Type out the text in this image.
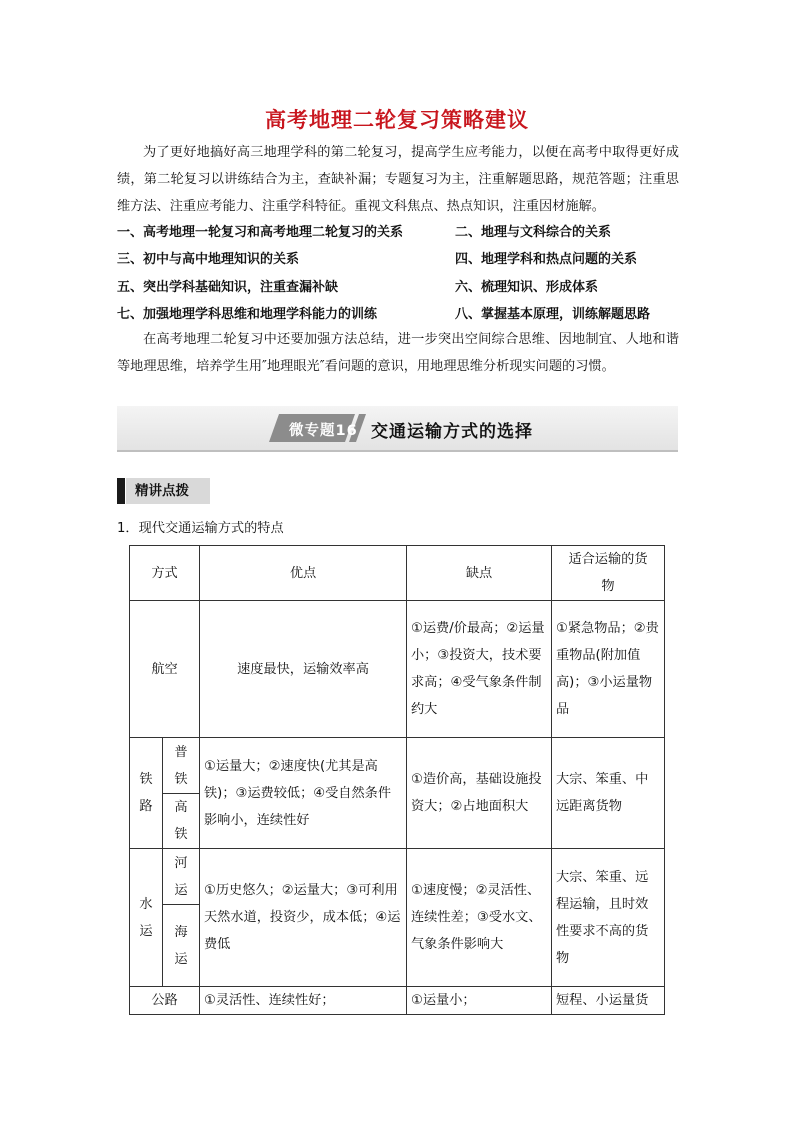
高考地理二轮复习策略建议
为了更好地搞好高三地理学科的第二轮复习，提高学生应考能力，以便在高考中取得更好成绩，第二轮复习以讲练结合为主，查缺补漏；专题复习为主，注重解题思路，规范答题；注重思维方法、注重应考能力、注重学科特征。重视文科焦点、热点知识，注重因材施解。
一、高考地理一轮复习和高考地理二轮复习的关系	二、地理与文科综合的关系
三、初中与高中地理知识的关系	四、地理学科和热点问题的关系
五、突出学科基础知识，注重查漏补缺	六、梳理知识、形成体系
七、加强地理学科思维和地理学科能力的训练	八、掌握基本原理，训练解题思路
在高考地理二轮复习中还要加强方法总结，进一步突出空间综合思维、因地制宜、人地和谐等地理思维，培养学生用″地理眼光″看问题的意识，用地理思维分析现实问题的习惯。
微专题16 交通运输方式的选择
精讲点拨
1．现代交通运输方式的特点
方式		优点	缺点	适合运输的货物
航空		速度最快，运输效率高	①运费/价最高；②运量小；③投资大，技术要求高；④受气象条件制约大	①紧急物品；②贵重物品(附加值高)；③小运量物品

铁路	普铁	①运量大；②速度快(尤其是高铁)；③运费较低；④受自然条件影响小，连续性好	①造价高，基础设施投资大；②占地面积大	大宗、笨重、中远距离货物

	高铁			

水运	河运	①历史悠久；②运量大；③可利用天然水道，投资少，成本低；④运费低	①速度慢；②灵活性、连续性差；③受水文、气象条件影响大	大宗、笨重、远程运输，且时效性要求不高的货物

	海运			

公路		①灵活性、连续性好；	①运量小；	短程、小运量货
